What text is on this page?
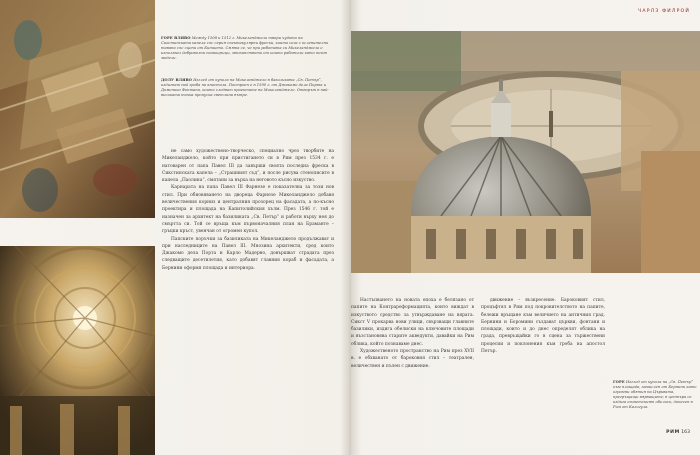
ГОРЕ ВЛЯВО Между 1508 и 1512 г. Микеланджело твори чудото на Сикстинската капела със серия спектакулярни фрески, които сега с ослепителни тавана със сцени от Битието. Смята се, че при работата си Микеланджело е използвал доброволни помощници, мнозинството от които работили като негов модели.
ДОЛУ ВЛЯВО Изглед от купола на Микеланджело в базиликата „Св. Петър“, издигнат над гроба на апостола. Построен е в 1590 г. от Джакомо дела Порта и Доменико Фонтана, които следват проектите на Микеланджело. Отворът в най-високата точка пропуска светлина вътре.

не само художествено-творческо, специално чрез творбите на Микеланджело, който при пристигането си в Рим през 1534 г. е натоварен от папа Павел III да завърши своята последна фреска в Сикстинската капела – „Страшният съд“, и после рисува стенописите в капела „Паолина“, смятани за върха на неговото късно изкуство.

Карнарата на папа Павел III Фарнезе е показателна за този нов стил. При обновяването на двореца Фарнезе Микеланджело добавя величествения корниз и централния прозорец на фасадата, а по-късно проектира и площада на Капитолийския хълм. През 1546 г. той е назначен за архитект на базиликата „Св. Петър“ и работи върху нея до смъртта си. Той се връща към първоначалния план на Браманте – гръцки кръст, увенчан от огромен купол.

Папските поръчки за базиликата на Микеланджело продължават и при наследниците на Павел III. Мнозина архитекти, сред които Джакомо дела Порта и Карло Мадерно, довършват сградата през следващите десетилетия, като добавят главния кораб и фасадата, а Бернини оформя площада и интериора.

ЧАРЛЗ ФИЛРОЙ

Настъпването на новата епоха е белязано от папите на Контрареформацията, които виждат в изкуството средство за утвърждаване на вярата. Сикст V прокарва нови улици, свързващи главните базилики, издига обелиски на ключовите площади и възстановява старите акведукти, давайки на Рим облика, който познаваме днес.

Художественото пространство на Рим през XVII в. е обхванато от бароковия стил – театрален, величествен и пълен с движение.

движение – възкресение. Бароковият стил, процъфтял в Рим под покровителството на папите, бележи връщане към величието на античния град. Бернини и Боромини създават църкви, фонтани и площади, които и до днес определят облика на града, превръщайки го в сцена за тържествени процесии и поклонения към гроба на апостол Петър.

ГОРЕ Изглед от купола на „Св. Петър“ към площада, замислен от Бернини като огромни обятия на Църквата, прегръщащи вярващите; в центъра се издига египетският обелиск, донесен в Рим от Калигула.
РИМ 163
